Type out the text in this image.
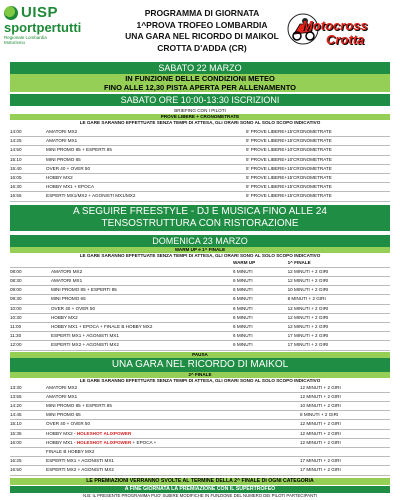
UISP
sportpertutti
Regionale Lombardia
Motorismo
PROGRAMMA DI GIORNATA
1^PROVA TROFEO LOMBARDIA
UNA GARA NEL RICORDO DI MAIKOL
CROTTA D'ADDA (CR)
Motocross
Crotta
SABATO 22 MARZO
IN FUNZIONE DELLE CONDIZIONI METEO
FINO ALLE 12,30 PISTA APERTA PER ALLENAMENTO
SABATO ORE 10:00-13:30 ISCRIZIONI
BRIEFING CON I PILOTI
PROVE LIBERE + CRONOMETRATE
LE GARE SARANNO EFFETTUATE SENZA TEMPI DI ATTESA, GLI ORARI SONO AL SOLO SCOPO INDICATIVO
14:00	AMATORI MX2	5' PROVE LIBERE+15'CRONOMETRATE
14:25	AMATORI MX1	5' PROVE LIBERE+15'CRONOMETRATE
14:50	MINI PROMO 85 + ESPERTI 85	5' PROVE LIBERE+10'CRONOMETRATE
15:10	MINI PROMO 65	5' PROVE LIBERE+10'CRONOMETRATE
15:40	OVER 40 + OVER 50	5' PROVE LIBERE+15'CRONOMETRATE
16:05	HOBBY MX2	5' PROVE LIBERE+15'CRONOMETRATE
16:30	HOBBY MX1 + EPOCA	5' PROVE LIBERE+15'CRONOMETRATE
16:55	ESPERTI MX1/MX2 + AGONISTI MX1/MX2	5' PROVE LIBERE+15'CRONOMETRATE
A SEGUIRE FREESTYLE - DJ E MUSICA FINO ALLE 24
TENSOSTRUTTURA CON RISTORAZIONE
DOMENICA 23 MARZO
WARM UP e 1^ FINALE
LE GARE SARANNO EFFETTUATE SENZA TEMPI DI ATTESA, GLI ORARI SONO AL SOLO SCOPO INDICATIVO
		WARM UP	1^ FINALE
08:00	AMATORI MX2	6 MINUTI	12 MINUTI + 2 GIRI
08:30	AMATORI MX1	6 MINUTI	12 MINUTI + 2 GIRI
09:00	MINI PROMO 85 + ESPERTI 85	6 MINUTI	10 MINUTI + 2 GIRI
09:30	MINI PROMO 65	6 MINUTI	8 MINUTI + 2 GIRI
10:00	OVER 40 + OVER 50	6 MINUTI	12 MINUTI + 2 GIRI
10:30	HOBBY MX2	6 MINUTI	12 MINUTI + 2 GIRI
11:00	HOBBY MX1 + EPOCA + FINALE B HOBBY MX2	6 MINUTI	12 MINUTI + 2 GIRI
11:30	ESPERTI MX1 + AGONISTI MX1	6 MINUTI	17 MINUTI + 2 GIRI
12:00	ESPERTI MX2 + AGONISTI MX2	6 MINUTI	17 MINUTI + 2 GIRI
PAUSA
UNA GARA NEL RICORDO DI MAIKOL
2^ FINALE
LE GARE SARANNO EFFETTUATE SENZA TEMPI DI ATTESA, GLI ORARI SONO AL SOLO SCOPO INDICATIVO
13:30	AMATORI MX2	12 MINUTI + 2 GIRI
13:55	AMATORI MX1	12 MINUTI + 2 GIRI
14:20	MINI PROMO 85 + ESPERTI 85	10 MINUTI + 2 GIRI
14:45	MINI PROMO 65	8 MINUTI + 2 GIRI
15:10	OVER 40 + OVER 50	12 MINUTI + 2 GIRI
15:35	HOBBY MX2 - HOLESHOT ALIXPOWER	12 MINUTI + 2 GIRI
16:00	HOBBY MX1 - HOLESHOT ALIXPOWER + EPOCA +	12 MINUTI + 2 GIRI
	FINALE B HOBBY MX2	
16:25	ESPERTI MX1 + AGONISTI MX1	17 MINUTI + 2 GIRI
16:50	ESPERTI MX2 + AGONISTI MX2	17 MINUTI + 2 GIRI
LE PREMIAZIONI VERRANNO SVOLTE AL TERMINE DELLA 2^ FINALE DI OGNI CATEGORIA
A FINE GIORNATA LA PREMIAZIONE CON IL SUPERTROFEO
N.B: IL PRESENTE PROGRAMMA PUO' SUBIRE MODIFICHE IN FUNZIONE DEL NUMERO DEI PILOTI PARTECIPANTI
